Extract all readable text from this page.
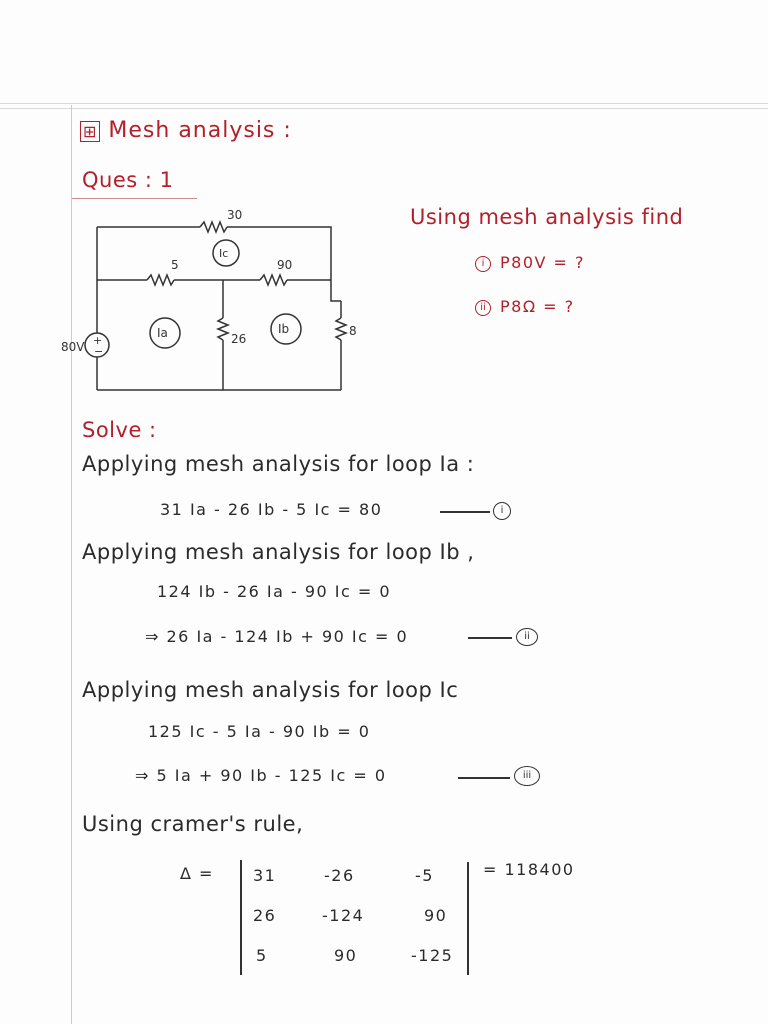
⊞ Mesh analysis :
Ques : 1
30
5	90
26
8
80V
Ia	Ib
Ic
+
−
Using mesh analysis find
i P80V = ?
ii P8Ω = ?
Solve :
Applying mesh analysis for loop Ia :
31 Ia - 26 Ib - 5 Ic = 80	i
Applying mesh analysis for loop Ib ,
124 Ib - 26 Ia - 90 Ic = 0
⇒ 26 Ia - 124 Ib + 90 Ic = 0	ii
Applying mesh analysis for loop Ic
125 Ic - 5 Ia - 90 Ib = 0
⇒ 5 Ia + 90 Ib - 125 Ic = 0	iii
Using cramer's rule,
Δ = 31	-26	-5
26	-124	90
5	90	-125
= 118400
